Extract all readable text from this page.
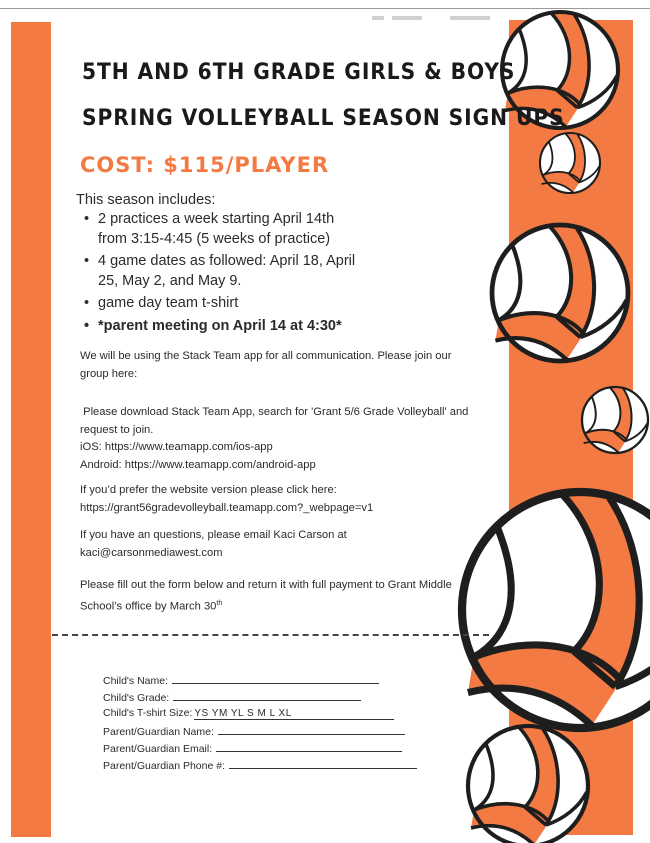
5TH AND 6TH GRADE GIRLS & BOYS
SPRING VOLLEYBALL SEASON SIGN UPS
COST: $115/PLAYER
This season includes:
• 2 practices a week starting April 14th
from 3:15-4:45 (5 weeks of practice)
• 4 game dates as followed: April 18, April
25, May 2, and May 9.
• game day team t-shirt
• *parent meeting on April 14 at 4:30*
We will be using the Stack Team app for all communication. Please join our
group here:
Please download Stack Team App, search for 'Grant 5/6 Grade Volleyball' and
request to join.
iOS: https://www.teamapp.com/ios-app
Android: https://www.teamapp.com/android-app
If you’d prefer the website version please click here:
https://grant56gradevolleyball.teamapp.com?_webpage=v1
If you have an questions, please email Kaci Carson at
kaci@carsonmediawest.com
Please fill out the form below and return it with full payment to Grant Middle
School’s office by March 30th
Child's Name:
Child's Grade:
Child's T-shirt Size: YS YM YL S M L XL
Parent/Guardian Name:
Parent/Guardian Email:
Parent/Guardian Phone #:
